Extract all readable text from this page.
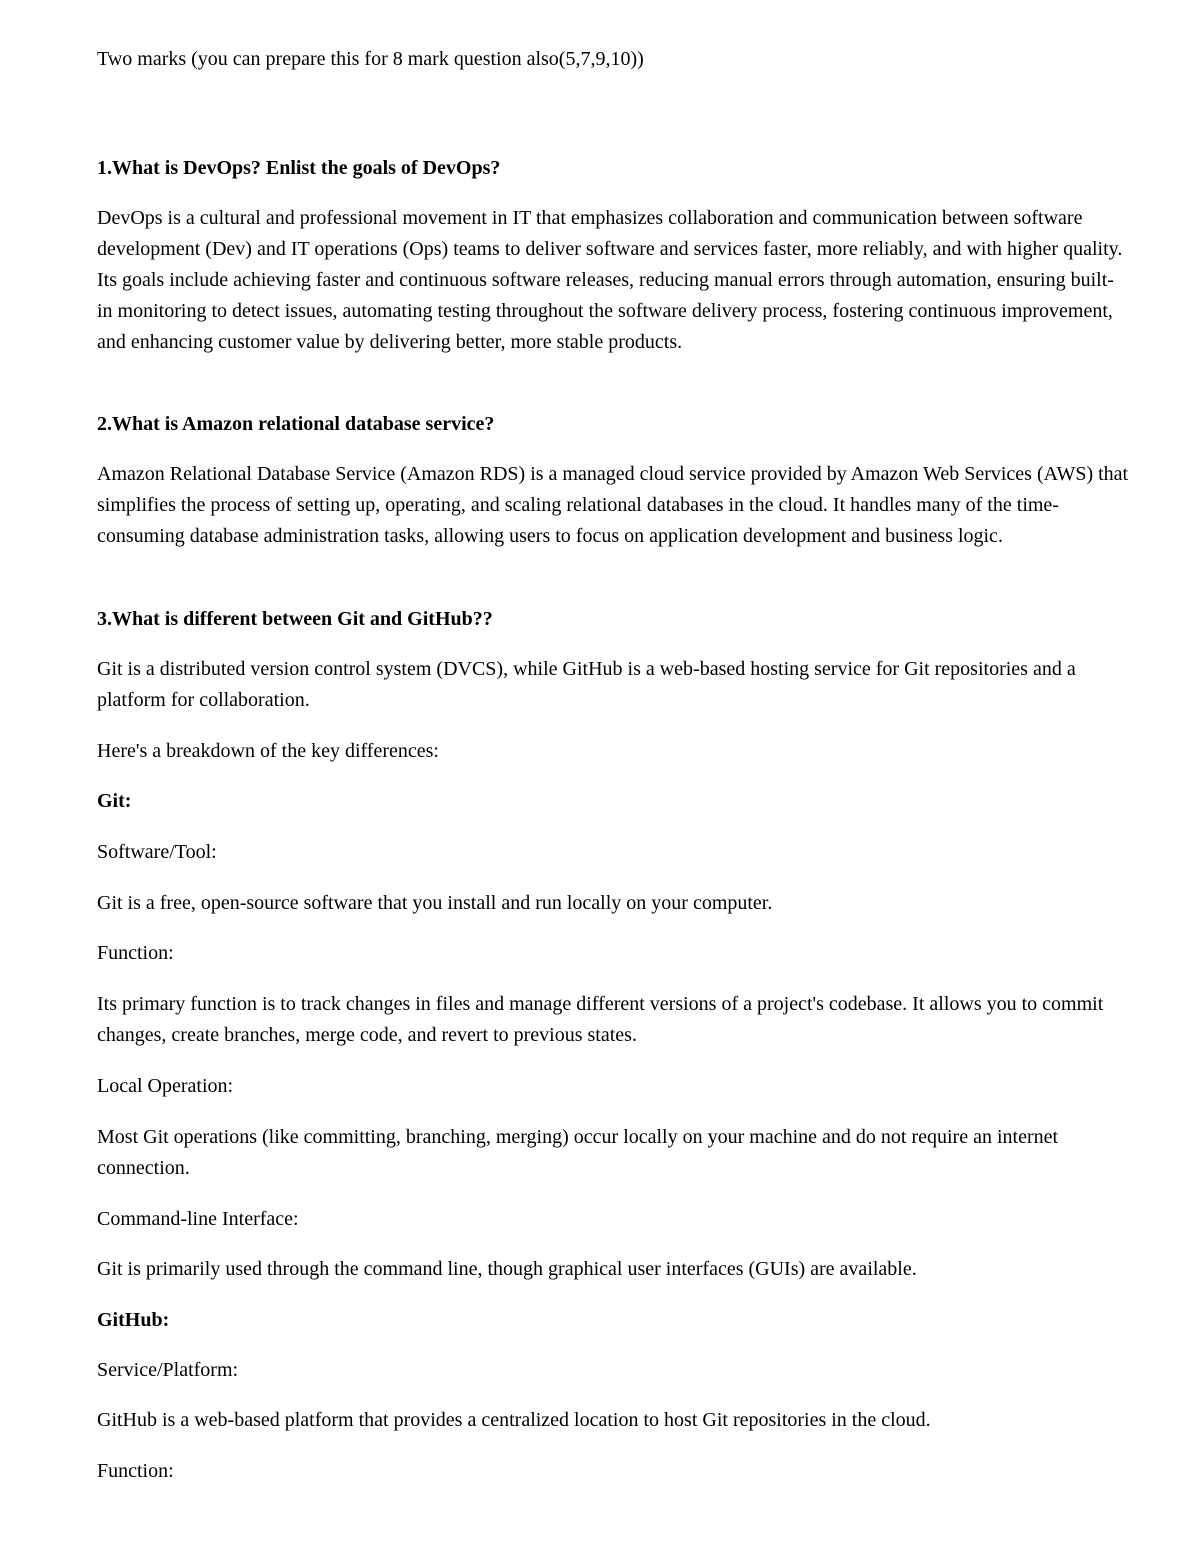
Two marks (you can prepare this for 8 mark question also(5,7,9,10))

1.What is DevOps? Enlist the goals of DevOps?

DevOps is a cultural and professional movement in IT that emphasizes collaboration and communication between software development (Dev) and IT operations (Ops) teams to deliver software and services faster, more reliably, and with higher quality. Its goals include achieving faster and continuous software releases, reducing manual errors through automation, ensuring built-in monitoring to detect issues, automating testing throughout the software delivery process, fostering continuous improvement, and enhancing customer value by delivering better, more stable products.

2.What is Amazon relational database service?

Amazon Relational Database Service (Amazon RDS) is a managed cloud service provided by Amazon Web Services (AWS) that simplifies the process of setting up, operating, and scaling relational databases in the cloud. It handles many of the time-consuming database administration tasks, allowing users to focus on application development and business logic.

3.What is different between Git and GitHub??

Git is a distributed version control system (DVCS), while GitHub is a web-based hosting service for Git repositories and a platform for collaboration.

Here's a breakdown of the key differences:

Git:

Software/Tool:

Git is a free, open-source software that you install and run locally on your computer.

Function:

Its primary function is to track changes in files and manage different versions of a project's codebase. It allows you to commit changes, create branches, merge code, and revert to previous states.

Local Operation:

Most Git operations (like committing, branching, merging) occur locally on your machine and do not require an internet connection.

Command-line Interface:

Git is primarily used through the command line, though graphical user interfaces (GUIs) are available.

GitHub:

Service/Platform:

GitHub is a web-based platform that provides a centralized location to host Git repositories in the cloud.

Function:
